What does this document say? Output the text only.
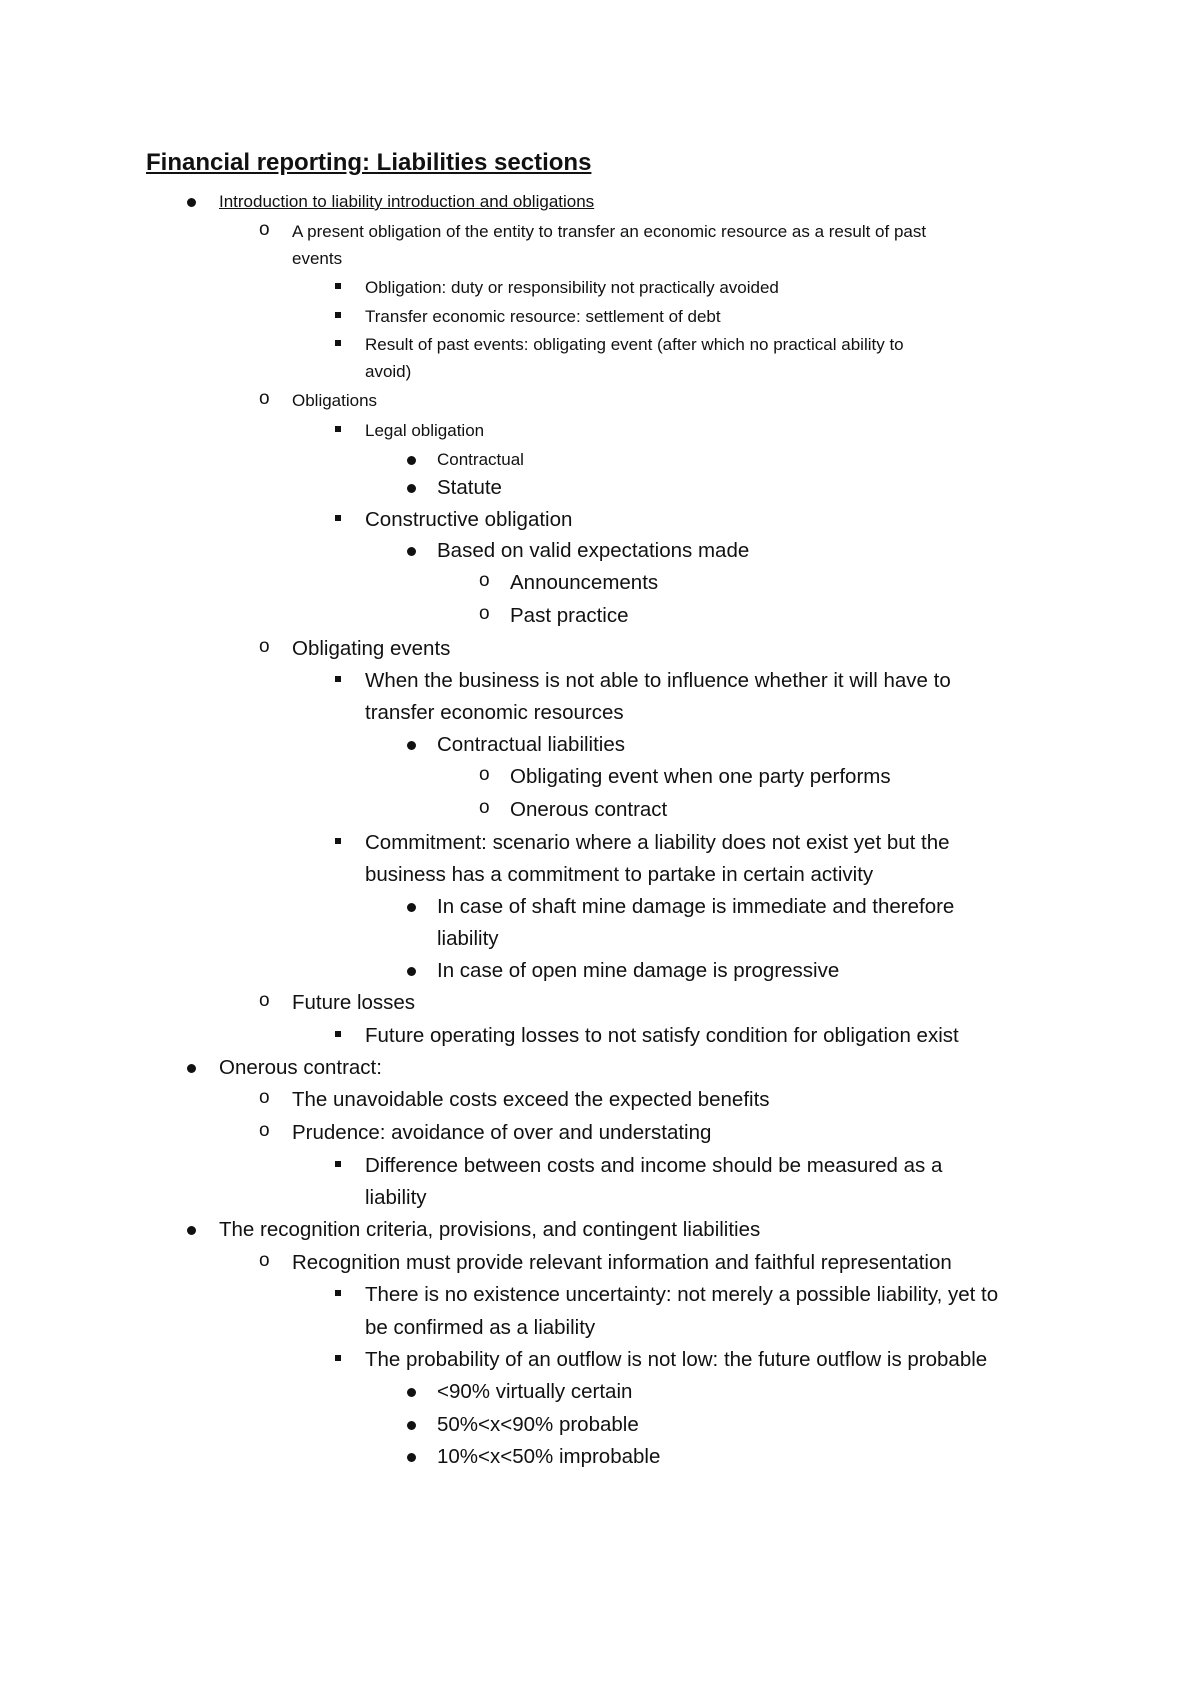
Financial reporting: Liabilities sections
Introduction to liability introduction and obligations
A present obligation of the entity to transfer an economic resource as a result of past
o
events
Obligation: duty or responsibility not practically avoided
Transfer economic resource: settlement of debt
Result of past events: obligating event (after which no practical ability to
avoid)
Obligations
o
Legal obligation
Contractual
Statute
Constructive obligation
Based on valid expectations made
Announcements
o
Past practice
o
Obligating events
o
When the business is not able to influence whether it will have to
transfer economic resources
Contractual liabilities
Obligating event when one party performs
o
Onerous contract
o
Commitment: scenario where a liability does not exist yet but the
business has a commitment to partake in certain activity
In case of shaft mine damage is immediate and therefore
liability
In case of open mine damage is progressive
Future losses
o
Future operating losses to not satisfy condition for obligation exist
Onerous contract:
The unavoidable costs exceed the expected benefits
o
Prudence: avoidance of over and understating
o
Difference between costs and income should be measured as a
liability
The recognition criteria, provisions, and contingent liabilities
Recognition must provide relevant information and faithful representation
o
There is no existence uncertainty: not merely a possible liability, yet to
be confirmed as a liability
The probability of an outflow is not low: the future outflow is probable
<90% virtually certain
50%<x<90% probable
10%<x<50% improbable
